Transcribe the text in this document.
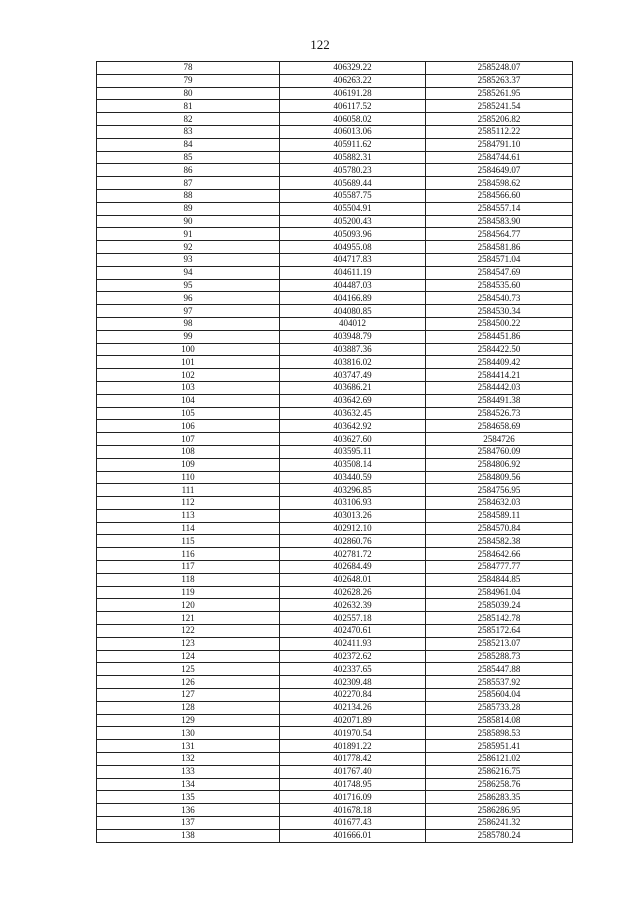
122
78	406329.22	2585248.07
79	406263.22	2585263.37
80	406191.28	2585261.95
81	406117.52	2585241.54
82	406058.02	2585206.82
83	406013.06	2585112.22
84	405911.62	2584791.10
85	405882.31	2584744.61
86	405780.23	2584649.07
87	405689.44	2584598.62
88	405587.75	2584566.60
89	405504.91	2584557.14
90	405200.43	2584583.90
91	405093.96	2584564.77
92	404955.08	2584581.86
93	404717.83	2584571.04
94	404611.19	2584547.69
95	404487.03	2584535.60
96	404166.89	2584540.73
97	404080.85	2584530.34
98	404012	2584500.22
99	403948.79	2584451.86
100	403887.36	2584422.50
101	403816.02	2584409.42
102	403747.49	2584414.21
103	403686.21	2584442.03
104	403642.69	2584491.38
105	403632.45	2584526.73
106	403642.92	2584658.69
107	403627.60	2584726
108	403595.11	2584760.09
109	403508.14	2584806.92
110	403440.59	2584809.56
111	403296.85	2584756.95
112	403106.93	2584632.03
113	403013.26	2584589.11
114	402912.10	2584570.84
115	402860.76	2584582.38
116	402781.72	2584642.66
117	402684.49	2584777.77
118	402648.01	2584844.85
119	402628.26	2584961.04
120	402632.39	2585039.24
121	402557.18	2585142.78
122	402470.61	2585172.64
123	402411.93	2585213.07
124	402372.62	2585288.73
125	402337.65	2585447.88
126	402309.48	2585537.92
127	402270.84	2585604.04
128	402134.26	2585733.28
129	402071.89	2585814.08
130	401970.54	2585898.53
131	401891.22	2585951.41
132	401778.42	2586121.02
133	401767.40	2586216.75
134	401748.95	2586258.76
135	401716.09	2586283.35
136	401678.18	2586286.95
137	401677.43	2586241.32
138	401666.01	2585780.24
